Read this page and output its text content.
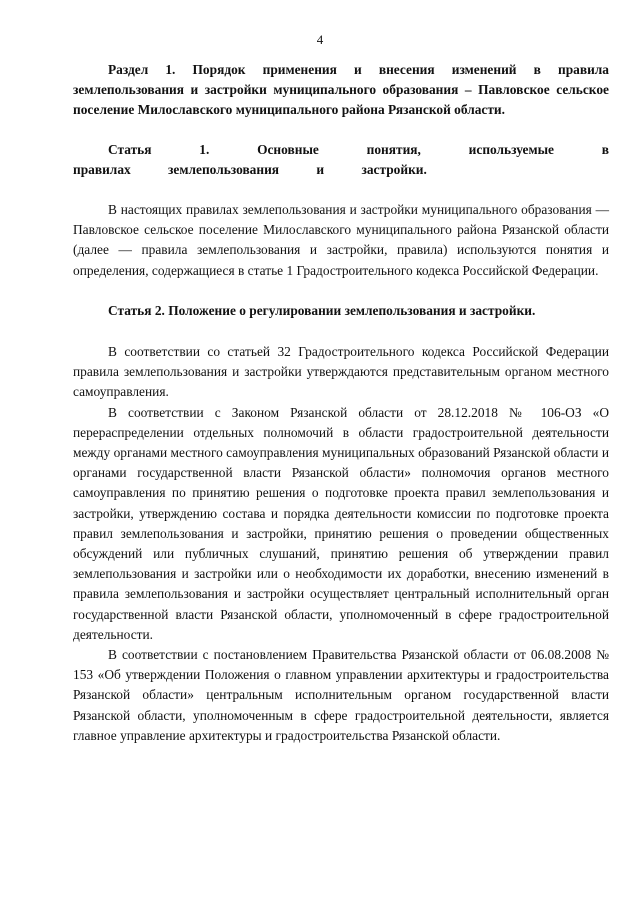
4

Раздел 1. Порядок применения и внесения изменений в правила землепользования и застройки муниципального образования – Павловское сельское поселение Милославского муниципального района Рязанской области.

Статья 1. Основные понятия, используемые в правилах землепользования и застройки.

В настоящих правилах землепользования и застройки муниципального образования — Павловское сельское поселение Милославского муниципального района Рязанской области (далее — правила землепользования и застройки, правила) используются понятия и определения, содержащиеся в статье 1 Градостроительного кодекса Российской Федерации.

Статья 2. Положение о регулировании землепользования и застройки.

В соответствии со статьей 32 Градостроительного кодекса Российской Федерации правила землепользования и застройки утверждаются представительным органом местного самоуправления.

В соответствии с Законом Рязанской области от 28.12.2018 № 106-ОЗ «О перераспределении отдельных полномочий в области градостроительной деятельности между органами местного самоуправления муниципальных образований Рязанской области и органами государственной власти Рязанской области» полномочия органов местного самоуправления по принятию решения о подготовке проекта правил землепользования и застройки, утверждению состава и порядка деятельности комиссии по подготовке проекта правил землепользования и застройки, принятию решения о проведении общественных обсуждений или публичных слушаний, принятию решения об утверждении правил землепользования и застройки или о необходимости их доработки, внесению изменений в правила землепользования и застройки осуществляет центральный исполнительный орган государственной власти Рязанской области, уполномоченный в сфере градостроительной деятельности.

В соответствии с постановлением Правительства Рязанской области от 06.08.2008 № 153 «Об утверждении Положения о главном управлении архитектуры и градостроительства Рязанской области» центральным исполнительным органом государственной власти Рязанской области, уполномоченным в сфере градостроительной деятельности, является главное управление архитектуры и градостроительства Рязанской области.
